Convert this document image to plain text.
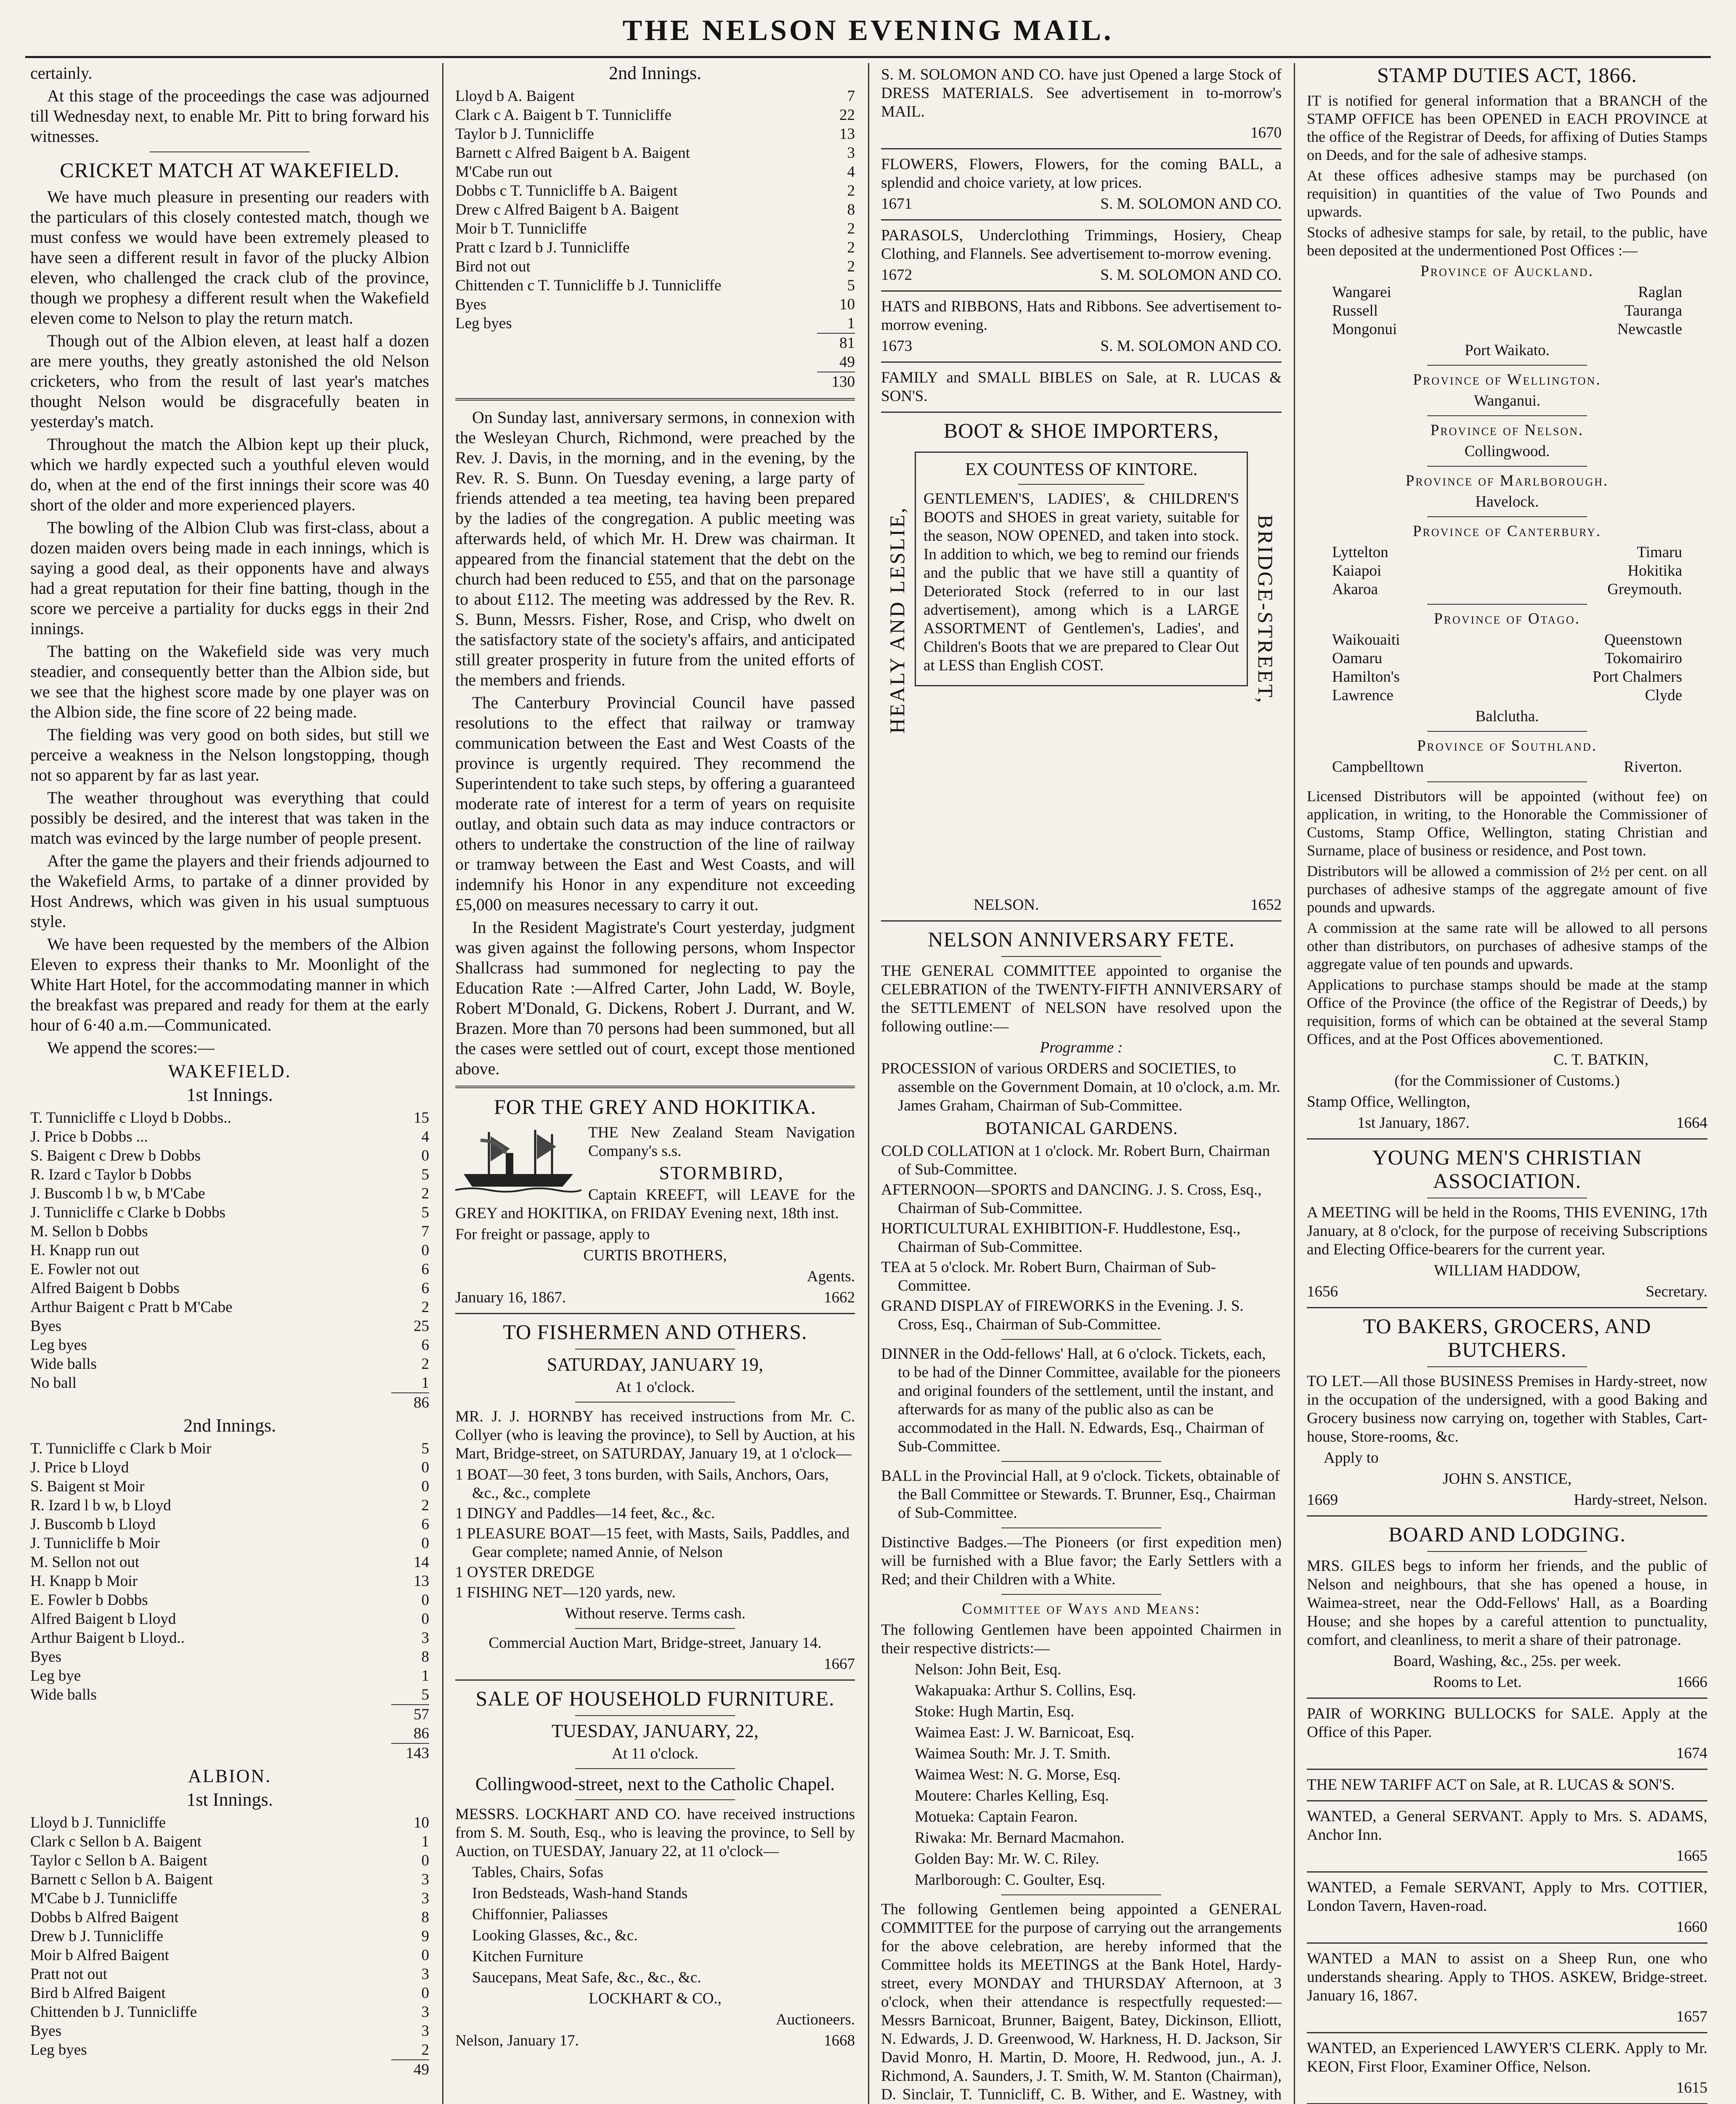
THE NELSON EVENING MAIL.

certainly.

At this stage of the proceedings the case was adjourned till Wednesday next, to enable Mr. Pitt to bring forward his witnesses.

CRICKET MATCH AT WAKEFIELD.

We have much pleasure in presenting our readers with the particulars of this closely contested match, though we must confess we would have been extremely pleased to have seen a different result in favor of the plucky Albion eleven, who challenged the crack club of the province, though we prophesy a different result when the Wakefield eleven come to Nelson to play the return match.

Though out of the Albion eleven, at least half a dozen are mere youths, they greatly astonished the old Nelson cricketers, who from the result of last year's matches thought Nelson would be disgracefully beaten in yesterday's match.

Throughout the match the Albion kept up their pluck, which we hardly expected such a youthful eleven would do, when at the end of the first innings their score was 40 short of the older and more experienced players.

The bowling of the Albion Club was first-class, about a dozen maiden overs being made in each innings, which is saying a good deal, as their opponents have and always had a great reputation for their fine batting, though in the score we perceive a partiality for ducks eggs in their 2nd innings.

The batting on the Wakefield side was very much steadier, and consequently better than the Albion side, but we see that the highest score made by one player was on the Albion side, the fine score of 22 being made.

The fielding was very good on both sides, but still we perceive a weakness in the Nelson longstopping, though not so apparent by far as last year.

The weather throughout was everything that could possibly be desired, and the interest that was taken in the match was evinced by the large number of people present.

After the game the players and their friends adjourned to the Wakefield Arms, to partake of a dinner provided by Host Andrews, which was given in his usual sumptuous style.

We have been requested by the members of the Albion Eleven to express their thanks to Mr. Moonlight of the White Hart Hotel, for the accommodating manner in which the breakfast was prepared and ready for them at the early hour of 6·40 a.m.—Communicated.

We append the scores:—

WAKEFIELD.
1st Innings.
T. Tunnicliffe c Lloyd b Dobbs..	15
J. Price b Dobbs ...	4
S. Baigent c Drew b Dobbs	0
R. Izard c Taylor b Dobbs	5
J. Buscomb l b w, b M'Cabe	2
J. Tunnicliffe c Clarke b Dobbs	5
M. Sellon b Dobbs	7
H. Knapp run out	0
E. Fowler not out	6
Alfred Baigent b Dobbs	6
Arthur Baigent c Pratt b M'Cabe	2
Byes	25
Leg byes	6
Wide balls	2
No ball	1
86
2nd Innings.
T. Tunnicliffe c Clark b Moir	5
J. Price b Lloyd	0
S. Baigent st Moir	0
R. Izard l b w, b Lloyd	2
J. Buscomb b Lloyd	6
J. Tunnicliffe b Moir	0
M. Sellon not out	14
H. Knapp b Moir	13
E. Fowler b Dobbs	0
Alfred Baigent b Lloyd	0
Arthur Baigent b Lloyd..	3
Byes	8
Leg bye	1
Wide balls	5
57
86
143
ALBION.
1st Innings.
Lloyd b J. Tunnicliffe	10
Clark c Sellon b A. Baigent	1
Taylor c Sellon b A. Baigent	0
Barnett c Sellon b A. Baigent	3
M'Cabe b J. Tunnicliffe	3
Dobbs b Alfred Baigent	8
Drew b J. Tunnicliffe	9
Moir b Alfred Baigent	0
Pratt not out	3
Bird b Alfred Baigent	0
Chittenden b J. Tunnicliffe	3
Byes	3
Leg byes	2
49
2nd Innings.
Lloyd b A. Baigent	7
Clark c A. Baigent b T. Tunnicliffe	22
Taylor b J. Tunnicliffe	13
Barnett c Alfred Baigent b A. Baigent	3
M'Cabe run out	4
Dobbs c T. Tunnicliffe b A. Baigent	2
Drew c Alfred Baigent b A. Baigent	8
Moir b T. Tunnicliffe	2
Pratt c Izard b J. Tunnicliffe	2
Bird not out	2
Chittenden c T. Tunnicliffe b J. Tunnicliffe	5
Byes	10
Leg byes	1
81
49
130

On Sunday last, anniversary sermons, in connexion with the Wesleyan Church, Richmond, were preached by the Rev. J. Davis, in the morning, and in the evening, by the Rev. R. S. Bunn. On Tuesday evening, a large party of friends attended a tea meeting, tea having been prepared by the ladies of the congregation. A public meeting was afterwards held, of which Mr. H. Drew was chairman. It appeared from the financial statement that the debt on the church had been reduced to £55, and that on the parsonage to about £112. The meeting was addressed by the Rev. R. S. Bunn, Messrs. Fisher, Rose, and Crisp, who dwelt on the satisfactory state of the society's affairs, and anticipated still greater prosperity in future from the united efforts of the members and friends.

The Canterbury Provincial Council have passed resolutions to the effect that railway or tramway communication between the East and West Coasts of the province is urgently required. They recommend the Superintendent to take such steps, by offering a guaranteed moderate rate of interest for a term of years on requisite outlay, and obtain such data as may induce contractors or others to undertake the construction of the line of railway or tramway between the East and West Coasts, and will indemnify his Honor in any expenditure not exceeding £5,000 on measures necessary to carry it out.

In the Resident Magistrate's Court yesterday, judgment was given against the following persons, whom Inspector Shallcrass had summoned for neglecting to pay the Education Rate :—Alfred Carter, John Ladd, W. Boyle, Robert M'Donald, G. Dickens, Robert J. Durrant, and W. Brazen. More than 70 persons had been summoned, but all the cases were settled out of court, except those mentioned above.

FOR THE GREY AND HOKITIKA.

THE New Zealand Steam Navigation Company's s.s.

STORMBIRD,

Captain KREEFT, will LEAVE for the GREY and HOKITIKA, on FRIDAY Evening next, 18th inst.

For freight or passage, apply to

CURTIS BROTHERS,
Agents.
January 16, 1867.	1662
TO FISHERMEN AND OTHERS.
SATURDAY, JANUARY 19,
At 1 o'clock.

MR. J. J. HORNBY has received instructions from Mr. C. Collyer (who is leaving the province), to Sell by Auction, at his Mart, Bridge-street, on SATURDAY, January 19, at 1 o'clock—

1 BOAT—30 feet, 3 tons burden, with Sails, Anchors, Oars, &c., &c., complete
1 DINGY and Paddles—14 feet, &c., &c.
1 PLEASURE BOAT—15 feet, with Masts, Sails, Paddles, and Gear complete; named Annie, of Nelson
1 OYSTER DREDGE
1 FISHING NET—120 yards, new.
Without reserve. Terms cash.

Commercial Auction Mart, Bridge-street, January 14.

1667
SALE OF HOUSEHOLD FURNITURE.
TUESDAY, JANUARY, 22,
At 11 o'clock.
Collingwood-street, next to the Catholic Chapel.

MESSRS. LOCKHART AND CO. have received instructions from S. M. South, Esq., who is leaving the province, to Sell by Auction, on TUESDAY, January 22, at 11 o'clock—

Tables, Chairs, Sofas
Iron Bedsteads, Wash-hand Stands
Chiffonnier, Paliasses
Looking Glasses, &c., &c.
Kitchen Furniture
Saucepans, Meat Safe, &c., &c., &c.
LOCKHART & CO.,
Auctioneers.
Nelson, January 17.	1668

S. M. SOLOMON AND CO. have just Opened a large Stock of DRESS MATERIALS. See advertisement in to-morrow's MAIL.

1670

FLOWERS, Flowers, Flowers, for the coming BALL, a splendid and choice variety, at low prices.

1671	S. M. SOLOMON AND CO.

PARASOLS, Underclothing Trimmings, Hosiery, Cheap Clothing, and Flannels. See advertisement to-morrow evening.

1672	S. M. SOLOMON AND CO.

HATS and RIBBONS, Hats and Ribbons. See advertisement to-morrow evening.

1673	S. M. SOLOMON AND CO.

FAMILY and SMALL BIBLES on Sale, at R. LUCAS & SON'S.

BOOT & SHOE IMPORTERS,
HEALY AND LESLIE,	BRIDGE-STREET,
EX COUNTESS OF KINTORE.

GENTLEMEN'S, LADIES', & CHILDREN'S BOOTS and SHOES in great variety, suitable for the season, NOW OPENED, and taken into stock. In addition to which, we beg to remind our friends and the public that we have still a quantity of Deteriorated Stock (referred to in our last advertisement), among which is a LARGE ASSORTMENT of Gentlemen's, Ladies', and Children's Boots that we are prepared to Clear Out at LESS than English COST.

NELSON.	1652
NELSON ANNIVERSARY FETE.

THE GENERAL COMMITTEE appointed to organise the CELEBRATION of the TWENTY-FIFTH ANNIVERSARY of the SETTLEMENT of NELSON have resolved upon the following outline:—

Programme :

PROCESSION of various ORDERS and SOCIETIES, to assemble on the Government Domain, at 10 o'clock, a.m. Mr. James Graham, Chairman of Sub-Committee.

BOTANICAL GARDENS.
COLD COLLATION at 1 o'clock. Mr. Robert Burn, Chairman of Sub-Committee.
AFTERNOON—SPORTS and DANCING. J. S. Cross, Esq., Chairman of Sub-Committee.
HORTICULTURAL EXHIBITION-F. Huddlestone, Esq., Chairman of Sub-Committee.
TEA at 5 o'clock. Mr. Robert Burn, Chairman of Sub-Committee.
GRAND DISPLAY of FIREWORKS in the Evening. J. S. Cross, Esq., Chairman of Sub-Committee.

DINNER in the Odd-fellows' Hall, at 6 o'clock. Tickets, each, to be had of the Dinner Committee, available for the pioneers and original founders of the settlement, until the instant, and afterwards for as many of the public also as can be accommodated in the Hall. N. Edwards, Esq., Chairman of Sub-Committee.

BALL in the Provincial Hall, at 9 o'clock. Tickets, obtainable of the Ball Committee or Stewards. T. Brunner, Esq., Chairman of Sub-Committee.

Distinctive Badges.—The Pioneers (or first expedition men) will be furnished with a Blue favor; the Early Settlers with a Red; and their Children with a White.

Committee of Ways and Means:

The following Gentlemen have been appointed Chairmen in their respective districts:—

Nelson: John Beit, Esq.
Wakapuaka: Arthur S. Collins, Esq.
Stoke: Hugh Martin, Esq.
Waimea East: J. W. Barnicoat, Esq.
Waimea South: Mr. J. T. Smith.
Waimea West: N. G. Morse, Esq.
Moutere: Charles Kelling, Esq.
Motueka: Captain Fearon.
Riwaka: Mr. Bernard Macmahon.
Golden Bay: Mr. W. C. Riley.
Marlborough: C. Goulter, Esq.

The following Gentlemen being appointed a GENERAL COMMITTEE for the purpose of carrying out the arrangements for the above celebration, are hereby informed that the Committee holds its MEETINGS at the Bank Hotel, Hardy-street, every MONDAY and THURSDAY Afternoon, at 3 o'clock, when their attendance is respectfully requested:—Messrs Barnicoat, Brunner, Baigent, Batey, Dickinson, Elliott, N. Edwards, J. D. Greenwood, W. Harkness, H. D. Jackson, Sir David Monro, H. Martin, D. Moore, H. Redwood, jun., A. J. Richmond, A. Saunders, J. T. Smith, W. M. Stanton (Chairman), D. Sinclair, T. Tunnicliff, C. B. Wither, and E. Wastney, with

STAMP DUTIES ACT, 1866.

IT is notified for general information that a BRANCH of the STAMP OFFICE has been OPENED in EACH PROVINCE at the office of the Registrar of Deeds, for affixing of Duties Stamps on Deeds, and for the sale of adhesive stamps.

At these offices adhesive stamps may be purchased (on requisition) in quantities of the value of Two Pounds and upwards.

Stocks of adhesive stamps for sale, by retail, to the public, have been deposited at the undermentioned Post Offices :—

Province of Auckland.
Wangarei	Raglan
Russell	Tauranga
Mongonui	Newcastle
Port Waikato.
Province of Wellington.
Wanganui.
Province of Nelson.
Collingwood.
Province of Marlborough.
Havelock.
Province of Canterbury.
Lyttelton	Timaru
Kaiapoi	Hokitika
Akaroa	Greymouth.
Province of Otago.
Waikouaiti	Queenstown
Oamaru	Tokomairiro
Hamilton's	Port Chalmers
Lawrence	Clyde
Balclutha.
Province of Southland.
Campbelltown	Riverton.

Licensed Distributors will be appointed (without fee) on application, in writing, to the Honorable the Commissioner of Customs, Stamp Office, Wellington, stating Christian and Surname, place of business or residence, and Post town.

Distributors will be allowed a commission of 2½ per cent. on all purchases of adhesive stamps of the aggregate amount of five pounds and upwards.

A commission at the same rate will be allowed to all persons other than distributors, on purchases of adhesive stamps of the aggregate value of ten pounds and upwards.

Applications to purchase stamps should be made at the stamp Office of the Province (the office of the Registrar of Deeds,) by requisition, forms of which can be obtained at the several Stamp Offices, and at the Post Offices abovementioned.

C. T. BATKIN,
(for the Commissioner of Customs.)
Stamp Office, Wellington,
1st January, 1867.	1664
YOUNG MEN'S CHRISTIAN ASSOCIATION.

A MEETING will be held in the Rooms, THIS EVENING, 17th January, at 8 o'clock, for the purpose of receiving Subscriptions and Electing Office-bearers for the current year.

WILLIAM HADDOW,
1656	Secretary.
TO BAKERS, GROCERS, AND BUTCHERS.

TO LET.—All those BUSINESS Premises in Hardy-street, now in the occupation of the undersigned, with a good Baking and Grocery business now carrying on, together with Stables, Cart-house, Store-rooms, &c.

Apply to
JOHN S. ANSTICE,
1669	Hardy-street, Nelson.
BOARD AND LODGING.

MRS. GILES begs to inform her friends, and the public of Nelson and neighbours, that she has opened a house, in Waimea-street, near the Odd-Fellows' Hall, as a Boarding House; and she hopes by a careful attention to punctuality, comfort, and cleanliness, to merit a share of their patronage.

Board, Washing, &c., 25s. per week.
Rooms to Let.	1666

PAIR of WORKING BULLOCKS for SALE. Apply at the Office of this Paper.

1674

THE NEW TARIFF ACT on Sale, at R. LUCAS & SON'S.

WANTED, a General SERVANT. Apply to Mrs. S. ADAMS, Anchor Inn.

1665

WANTED, a Female SERVANT, Apply to Mrs. COTTIER, London Tavern, Haven-road.

1660

WANTED a MAN to assist on a Sheep Run, one who understands shearing. Apply to THOS. ASKEW, Bridge-street. January 16, 1867.

1657

WANTED, an Experienced LAWYER'S CLERK. Apply to Mr. KEON, First Floor, Examiner Office, Nelson.

1615
